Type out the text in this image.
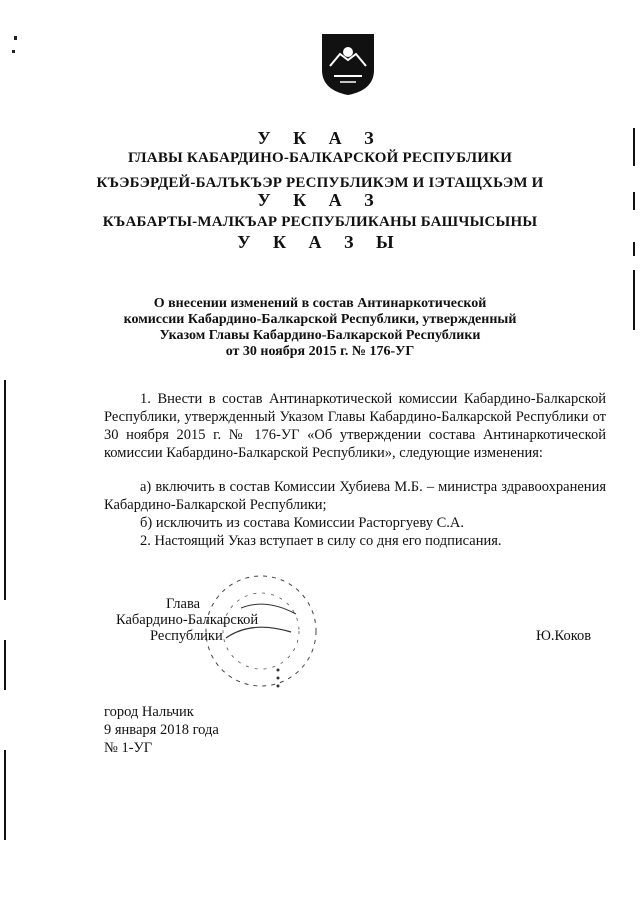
У К А З
ГЛАВЫ КАБАРДИНО-БАЛКАРСКОЙ РЕСПУБЛИКИ
КЪЭБЭРДЕЙ-БАЛЪКЪЭР РЕСПУБЛИКЭМ И ІЭТАЩХЬЭМ И
У К А З
КЪАБАРТЫ-МАЛКЪАР РЕСПУБЛИКАНЫ БАШЧЫСЫНЫ
У К А З Ы
О внесении изменений в состав Антинаркотической
комиссии Кабардино-Балкарской Республики, утвержденный
Указом Главы Кабардино-Балкарской Республики
от 30 ноября 2015 г. № 176-УГ
1. Внести в состав Антинаркотической комиссии Кабардино-Балкарской Республики, утвержденный Указом Главы Кабардино-Балкарской Республики от 30 ноября 2015 г. № 176-УГ «Об утверждении состава Антинаркотической комиссии Кабардино-Балкарской Республики», следующие изменения:
а) включить в состав Комиссии Хубиева М.Б. – министра здравоохранения Кабардино-Балкарской Республики;
б) исключить из состава Комиссии Расторгуеву С.А.
2. Настоящий Указ вступает в силу со дня его подписания.
Глава
Кабардино-Балкарской
Республики	Ю.Коков
город Нальчик
9 января 2018 года
№ 1-УГ
